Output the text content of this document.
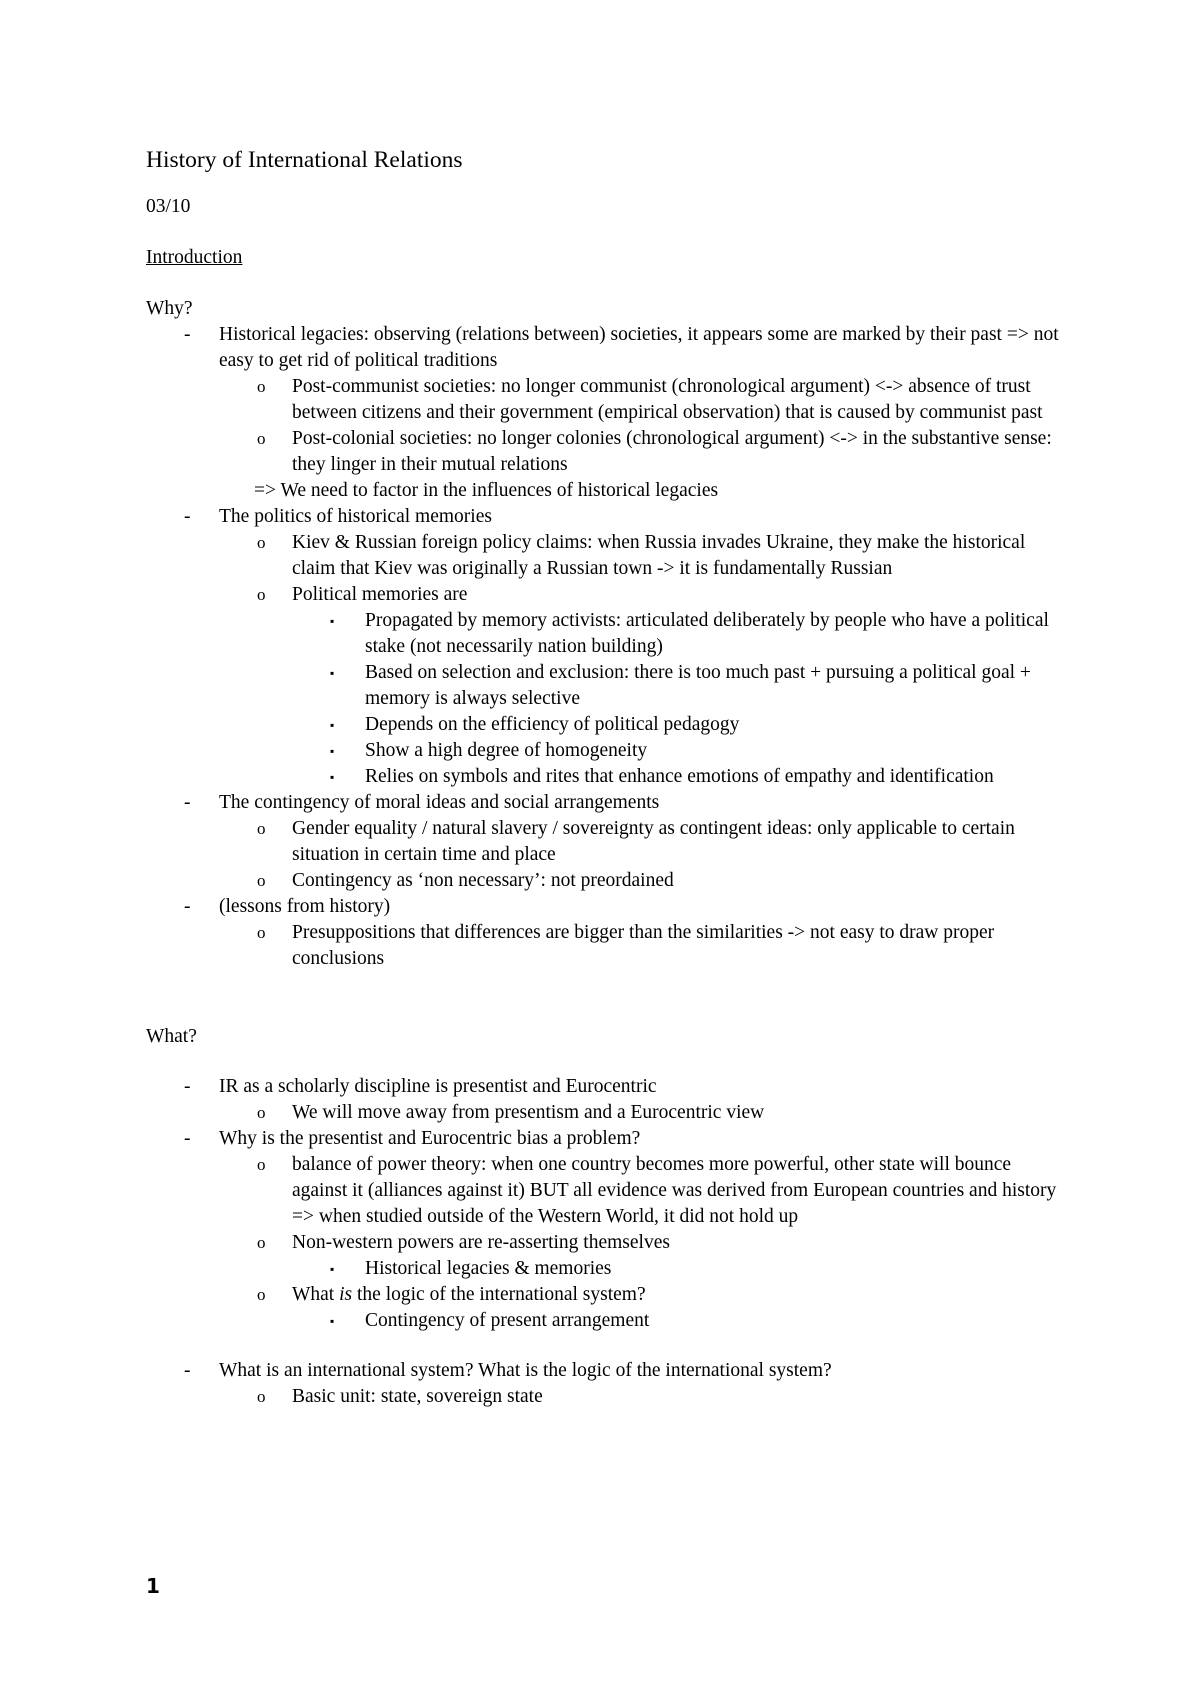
History of International Relations

03/10

Introduction

Why?

- Historical legacies: observing (relations between) societies, it appears some are marked by their past => not easy to get rid of political traditions
o Post-communist societies: no longer communist (chronological argument) <-> absence of trust between citizens and their government (empirical observation) that is caused by communist past
o Post-colonial societies: no longer colonies (chronological argument) <-> in the substantive sense: they linger in their mutual relations
=> We need to factor in the influences of historical legacies
- The politics of historical memories
o Kiev & Russian foreign policy claims: when Russia invades Ukraine, they make the historical claim that Kiev was originally a Russian town -> it is fundamentally Russian
o Political memories are
▪ Propagated by memory activists: articulated deliberately by people who have a political stake (not necessarily nation building)
▪ Based on selection and exclusion: there is too much past + pursuing a political goal + memory is always selective
▪ Depends on the efficiency of political pedagogy
▪ Show a high degree of homogeneity
▪ Relies on symbols and rites that enhance emotions of empathy and identification
- The contingency of moral ideas and social arrangements
o Gender equality / natural slavery / sovereignty as contingent ideas: only applicable to certain situation in certain time and place
o Contingency as ‘non necessary’: not preordained
- (lessons from history)
o Presuppositions that differences are bigger than the similarities -> not easy to draw proper conclusions

What?

- IR as a scholarly discipline is presentist and Eurocentric
o We will move away from presentism and a Eurocentric view
- Why is the presentist and Eurocentric bias a problem?
o balance of power theory: when one country becomes more powerful, other state will bounce against it (alliances against it) BUT all evidence was derived from European countries and history => when studied outside of the Western World, it did not hold up
o Non-western powers are re-asserting themselves
▪ Historical legacies & memories
o What is the logic of the international system?
▪ Contingency of present arrangement
- What is an international system? What is the logic of the international system?
o Basic unit: state, sovereign state
1
